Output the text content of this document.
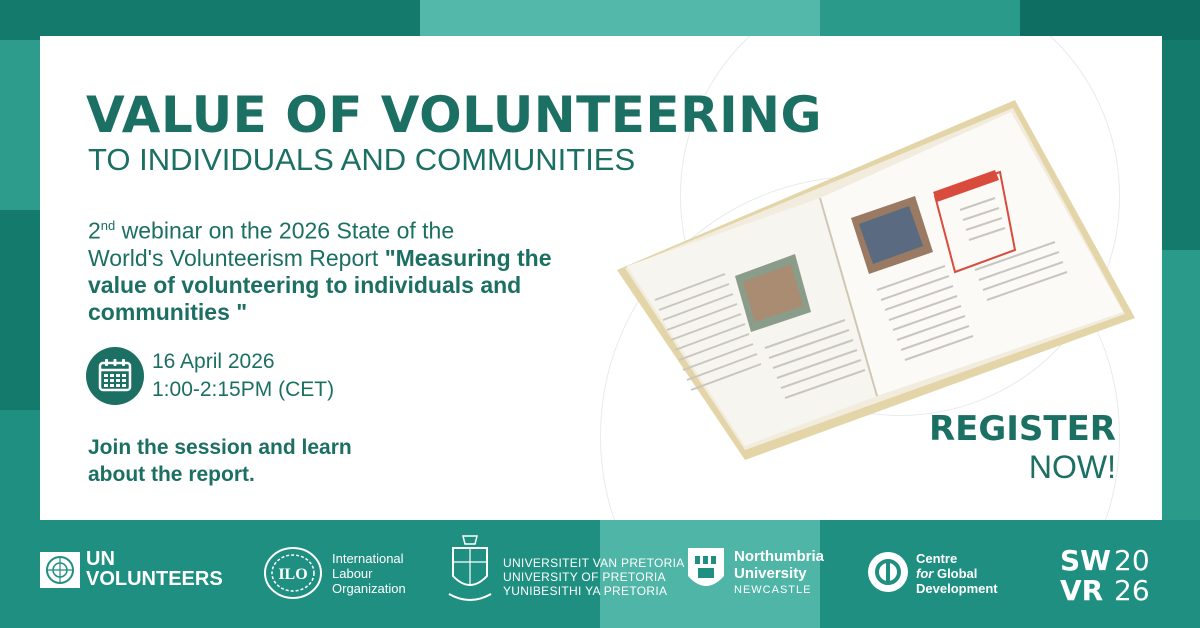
VALUE OF VOLUNTEERING
TO INDIVIDUALS AND COMMUNITIES
2nd webinar on the 2026 State of the
World's Volunteerism Report "Measuring the value of volunteering to individuals and communities "
16 April 2026
1:00-2:15PM (CET)
Join the session and learn about the report.
REGISTER
NOW!
UN
VOLUNTEERS	ILO
International
Labour
Organization
UNIVERSITEIT VAN PRETORIA
UNIVERSITY OF PRETORIA
YUNIBESITHI YA PRETORIA
Northumbria
University
NEWCASTLE
Centre
for Global
Development
SW 20
VR 26
